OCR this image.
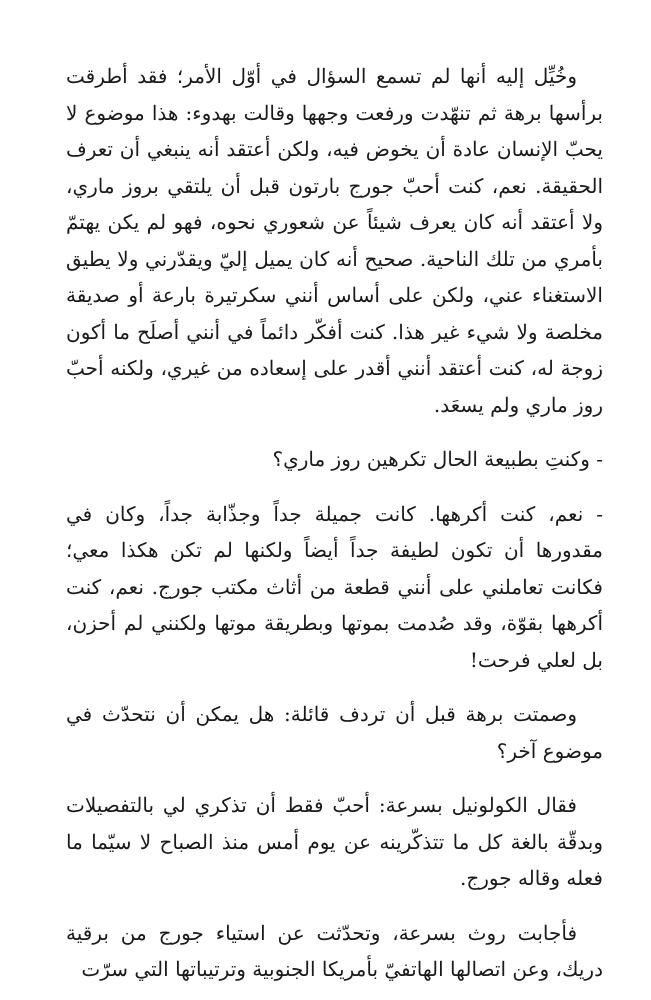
وخُيِّل إليه أنها لم تسمع السؤال في أوّل الأمر؛ فقد أطرقت برأسها برهة ثم تنهّدت ورفعت وجهها وقالت بهدوء: هذا موضوع لا يحبّ الإنسان عادة أن يخوض فيه، ولكن أعتقد أنه ينبغي أن تعرف الحقيقة. نعم، كنت أحبّ جورج بارتون قبل أن يلتقي بروز ماري، ولا أعتقد أنه كان يعرف شيئاً عن شعوري نحوه، فهو لم يكن يهتمّ بأمري من تلك الناحية. صحيح أنه كان يميل إليّ ويقدّرني ولا يطيق الاستغناء عني، ولكن على أساس أنني سكرتيرة بارعة أو صديقة مخلصة ولا شيء غير هذا. كنت أفكّر دائماً في أنني أصلَح ما أكون زوجة له، كنت أعتقد أنني أقدر على إسعاده من غيري، ولكنه أحبّ روز ماري ولم يسعَد.

- وكنتِ بطبيعة الحال تكرهين روز ماري؟

- نعم، كنت أكرهها. كانت جميلة جداً وجذّابة جداً، وكان في مقدورها أن تكون لطيفة جداً أيضاً ولكنها لم تكن هكذا معي؛ فكانت تعاملني على أنني قطعة من أثاث مكتب جورج. نعم، كنت أكرهها بقوّة، وقد صُدمت بموتها وبطريقة موتها ولكنني لم أحزن، بل لعلي فرحت!

وصمتت برهة قبل أن تردف قائلة: هل يمكن أن نتحدّث في موضوع آخر؟

فقال الكولونيل بسرعة: أحبّ فقط أن تذكري لي بالتفصيلات وبدقّة بالغة كل ما تتذكّرينه عن يوم أمس منذ الصباح لا سيّما ما فعله وقاله جورج.

فأجابت روث بسرعة، وتحدّثت عن استياء جورج من برقية دريك، وعن اتصالها الهاتفيّ بأمريكا الجنوبية وترتيباتها التي سرّت
